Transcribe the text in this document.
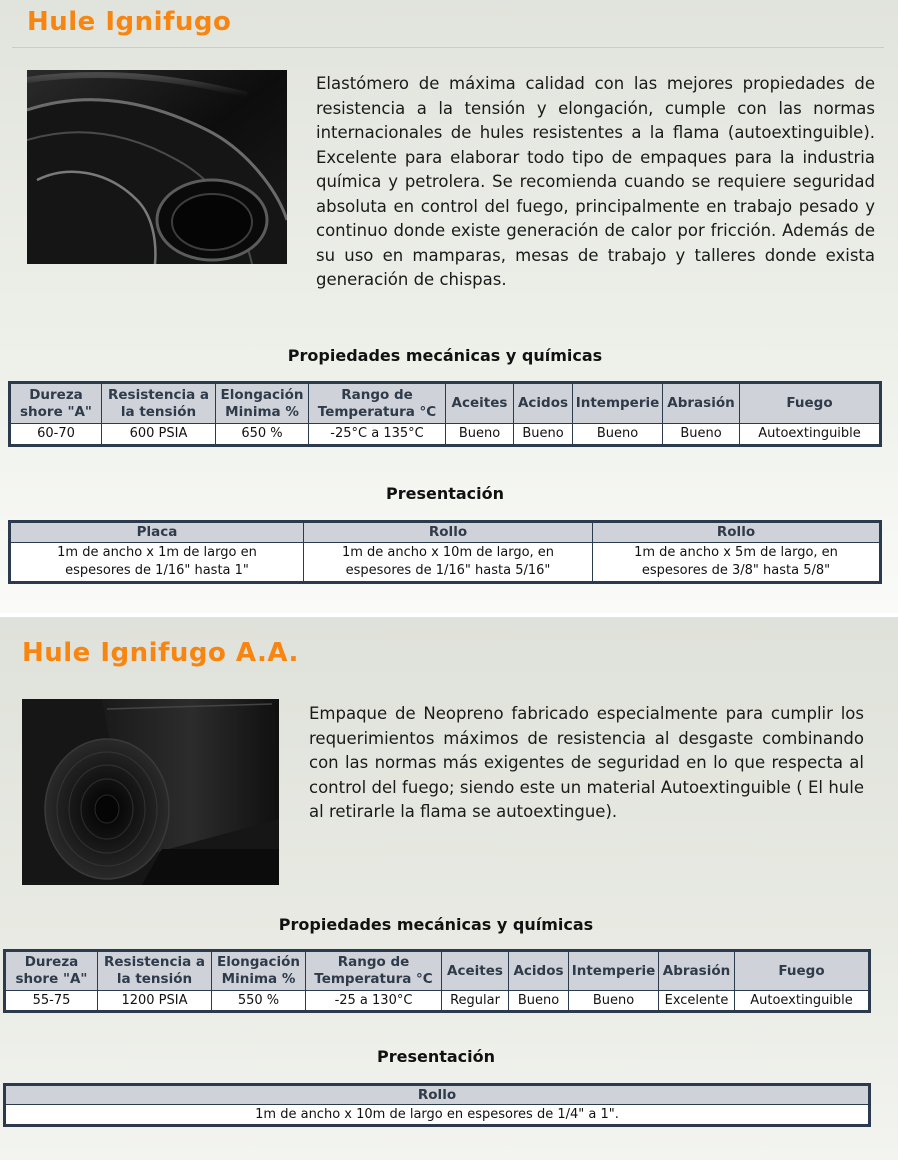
Hule Ignifugo

Elastómero de máxima calidad con las mejores propiedades de resistencia a la tensión y elongación, cumple con las normas internacionales de hules resistentes a la flama (autoextinguible). Excelente para elaborar todo tipo de empaques para la industria química y petrolera. Se recomienda cuando se requiere seguridad absoluta en control del fuego, principalmente en trabajo pesado y continuo donde existe generación de calor por fricción. Además de su uso en mamparas, mesas de trabajo y talleres donde exista generación de chispas.

Propiedades mecánicas y químicas
Dureza shore "A"	Resistencia a la tensión	Elongación Minima %	Rango de Temperatura °C	Aceites	Acidos	Intemperie	Abrasión	Fuego
60-70	600 PSIA	650 %	-25°C a 135°C	Bueno	Bueno	Bueno	Bueno	Autoextinguible
Presentación
Placa	Rollo	Rollo
1m de ancho x 1m de largo en espesores de 1/16" hasta 1"	1m de ancho x 10m de largo, en espesores de 1/16" hasta 5/16"	1m de ancho x 5m de largo, en espesores de 3/8" hasta 5/8"
Hule Ignifugo A.A.

Empaque de Neopreno fabricado especialmente para cumplir los requerimientos máximos de resistencia al desgaste combinando con las normas más exigentes de seguridad en lo que respecta al control del fuego; siendo este un material Autoextinguible ( El hule al retirarle la flama se autoextingue).

Propiedades mecánicas y químicas
Dureza shore "A"	Resistencia a la tensión	Elongación Minima %	Rango de Temperatura °C	Aceites	Acidos	Intemperie	Abrasión	Fuego
55-75	1200 PSIA	550 %	-25 a 130°C	Regular	Bueno	Bueno	Excelente	Autoextinguible
Presentación
Rollo
1m de ancho x 10m de largo en espesores de 1/4" a 1".
